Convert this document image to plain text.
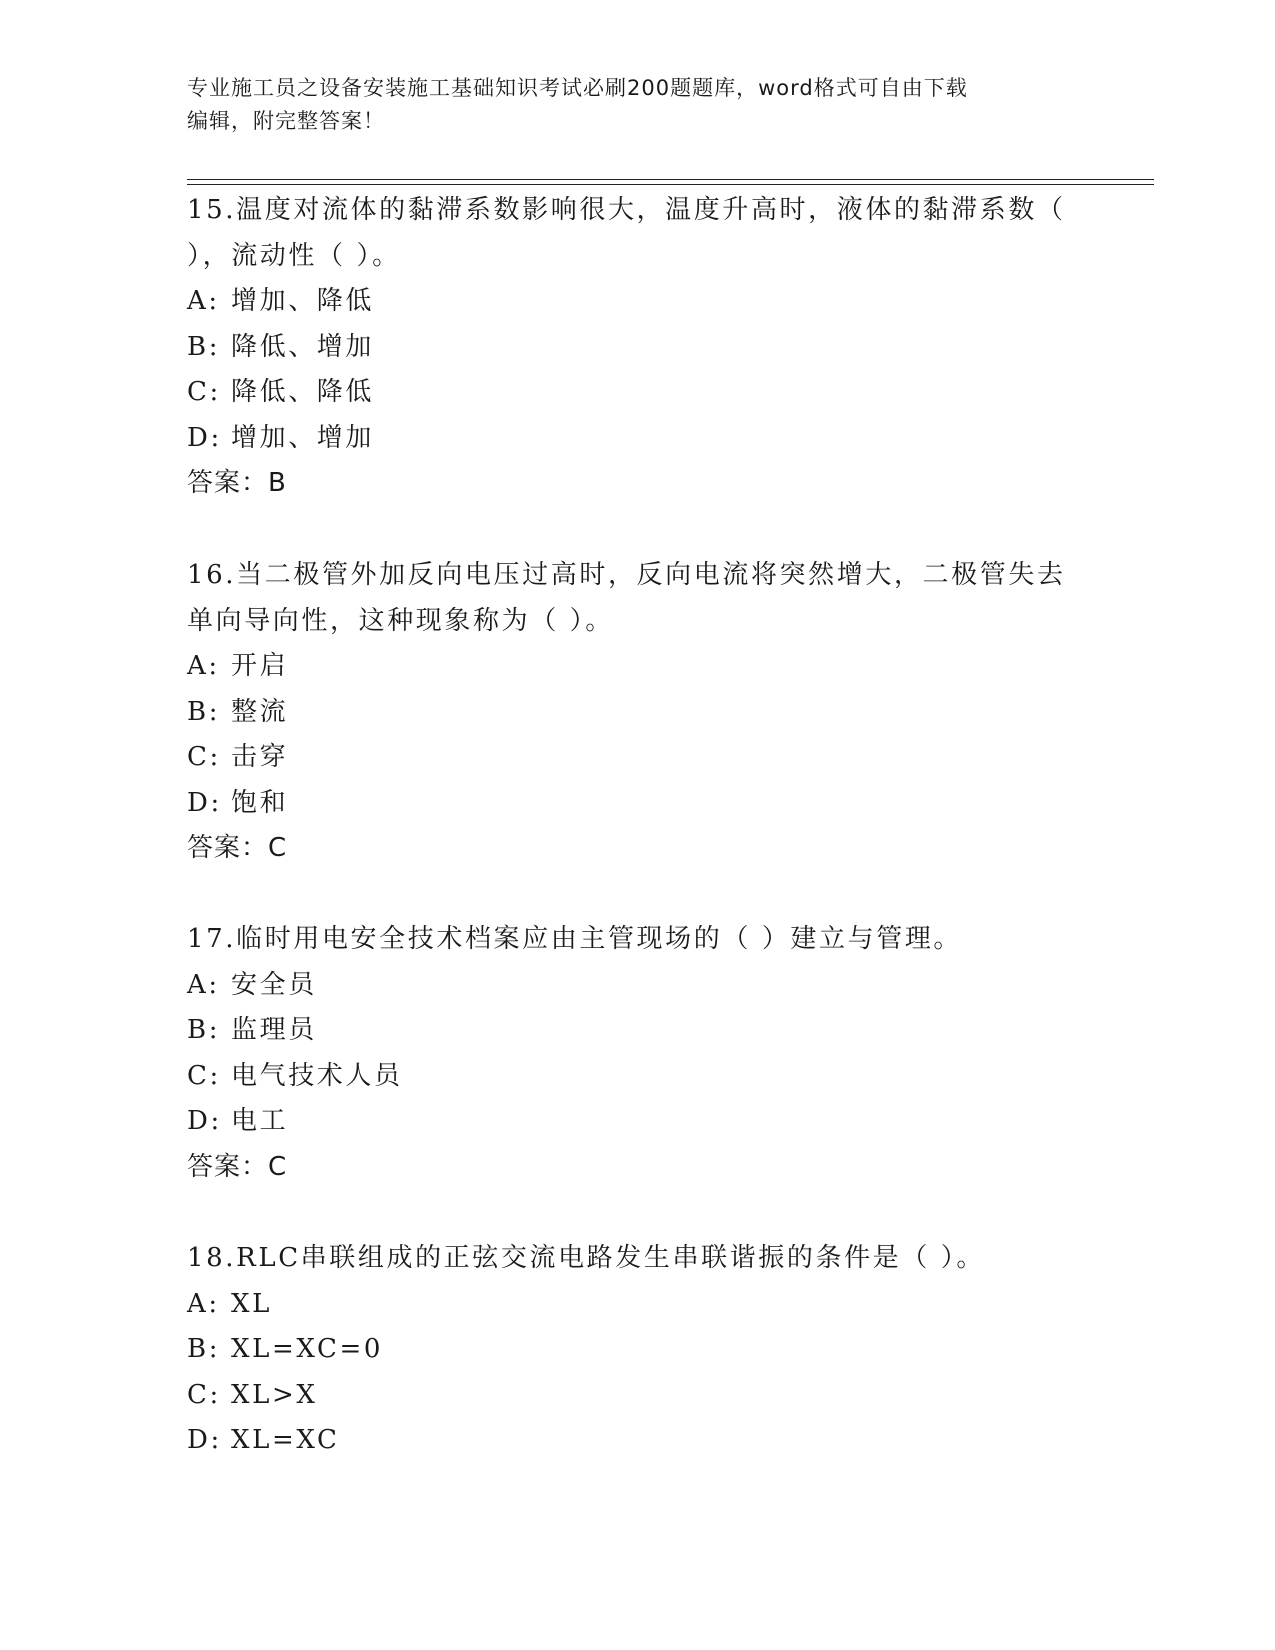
专业施工员之设备安装施工基础知识考试必刷200题题库，word格式可自由下载
编辑，附完整答案！

15.温度对流体的黏滞系数影响很大，温度升高时，液体的黏滞系数（

），流动性（ ）。

A: 增加、降低

B: 降低、增加

C: 降低、降低

D: 增加、增加

答案：B

16.当二极管外加反向电压过高时，反向电流将突然增大，二极管失去

单向导向性，这种现象称为（ ）。

A: 开启

B: 整流

C: 击穿

D: 饱和

答案：C

17.临时用电安全技术档案应由主管现场的（ ）建立与管理。

A: 安全员

B: 监理员

C: 电气技术人员

D: 电工

答案：C

18.RLC串联组成的正弦交流电路发生串联谐振的条件是（ ）。

A: XL

B: XL=XC=0

C: XL>X

D: XL=XC
